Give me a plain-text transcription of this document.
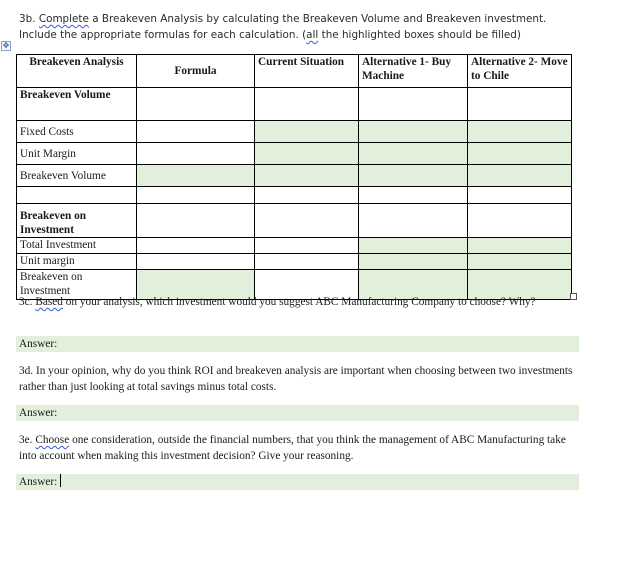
3b. Complete a Breakeven Analysis by calculating the Breakeven Volume and Breakeven investment.
Include the appropriate formulas for each calculation. (all the highlighted boxes should be filled)
✥
Breakeven Analysis	Formula	Current Situation	Alternative 1- Buy Machine	Alternative 2- Move to Chile
Breakeven Volume				
Fixed Costs				
Unit Margin				
Breakeven Volume				

Breakeven on Investment				
Total Investment				
Unit margin				
Breakeven on Investment				
3c. Based on your analysis, which investment would you suggest ABC Manufacturing Company to choose? Why?
Answer:
3d. In your opinion, why do you think ROI and breakeven analysis are important when choosing between two investments rather than just looking at total savings minus total costs.
Answer:
3e. Choose one consideration, outside the financial numbers, that you think the management of ABC Manufacturing take into account when making this investment decision? Give your reasoning.
Answer:
